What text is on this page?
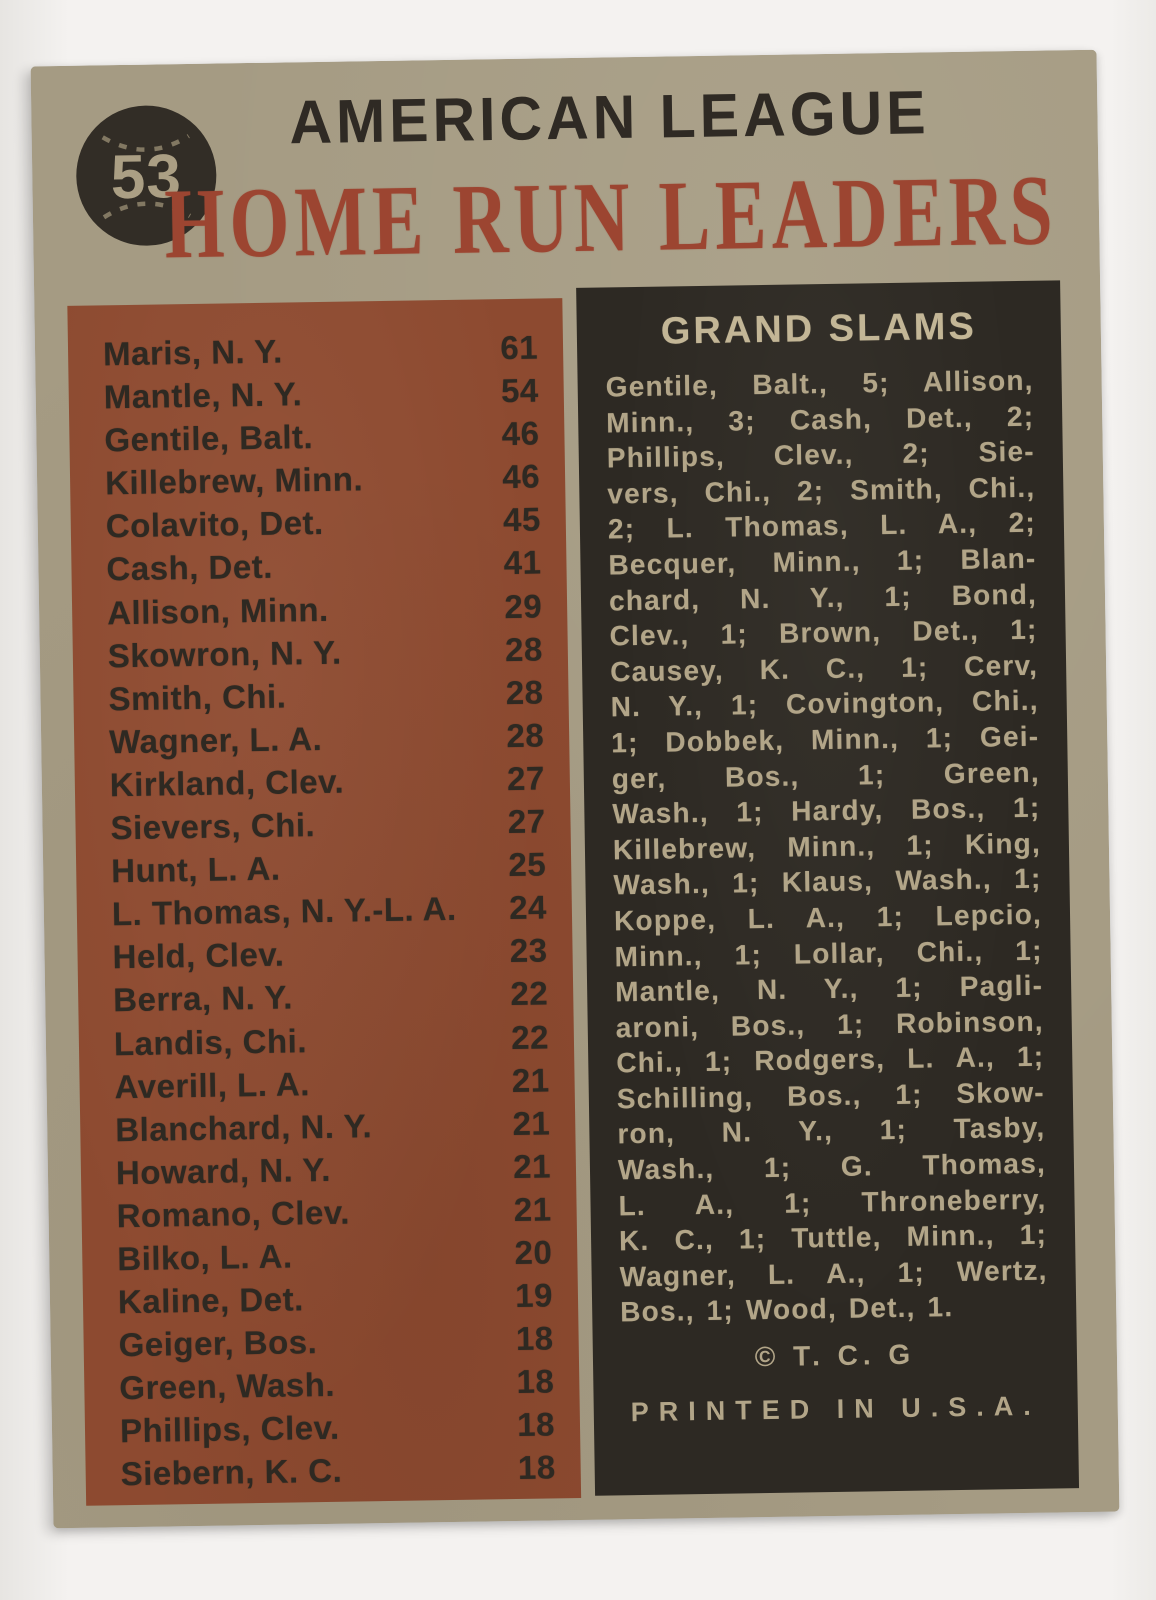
53
AMERICAN LEAGUE
HOME RUN LEADERS
Maris, N. Y.	61
Mantle, N. Y.	54
Gentile, Balt.	46
Killebrew, Minn.	46
Colavito, Det.	45
Cash, Det.	41
Allison, Minn.	29
Skowron, N. Y.	28
Smith, Chi.	28
Wagner, L. A.	28
Kirkland, Clev.	27
Sievers, Chi.	27
Hunt, L. A.	25
L. Thomas, N. Y.-L. A. 24
Held, Clev.	23
Berra, N. Y.	22
Landis, Chi.	22
Averill, L. A.	21
Blanchard, N. Y.	21
Howard, N. Y.	21
Romano, Clev.	21
Bilko, L. A.	20
Kaline, Det.	19
Geiger, Bos.	18
Green, Wash.	18
Phillips, Clev.	18
Siebern, K. C.	18
GRAND SLAMS
Gentile, Balt., 5; Allison,
Minn., 3; Cash, Det., 2;
Phillips, Clev., 2; Sie-
vers, Chi., 2; Smith, Chi.,
2; L. Thomas, L. A., 2;
Becquer, Minn., 1; Blan-
chard, N. Y., 1; Bond,
Clev., 1; Brown, Det., 1;
Causey, K. C., 1; Cerv,
N. Y., 1; Covington, Chi.,
1; Dobbek, Minn., 1; Gei-
ger, Bos., 1; Green,
Wash., 1; Hardy, Bos., 1;
Killebrew, Minn., 1; King,
Wash., 1; Klaus, Wash., 1;
Koppe, L. A., 1; Lepcio,
Minn., 1; Lollar, Chi., 1;
Mantle, N. Y., 1; Pagli-
aroni, Bos., 1; Robinson,
Chi., 1; Rodgers, L. A., 1;
Schilling, Bos., 1; Skow-
ron, N. Y., 1; Tasby,
Wash., 1; G. Thomas,
L. A., 1; Throneberry,
K. C., 1; Tuttle, Minn., 1;
Wagner, L. A., 1; Wertz,
Bos., 1; Wood, Det., 1.
© T. C. G
PRINTED IN U.S.A.
